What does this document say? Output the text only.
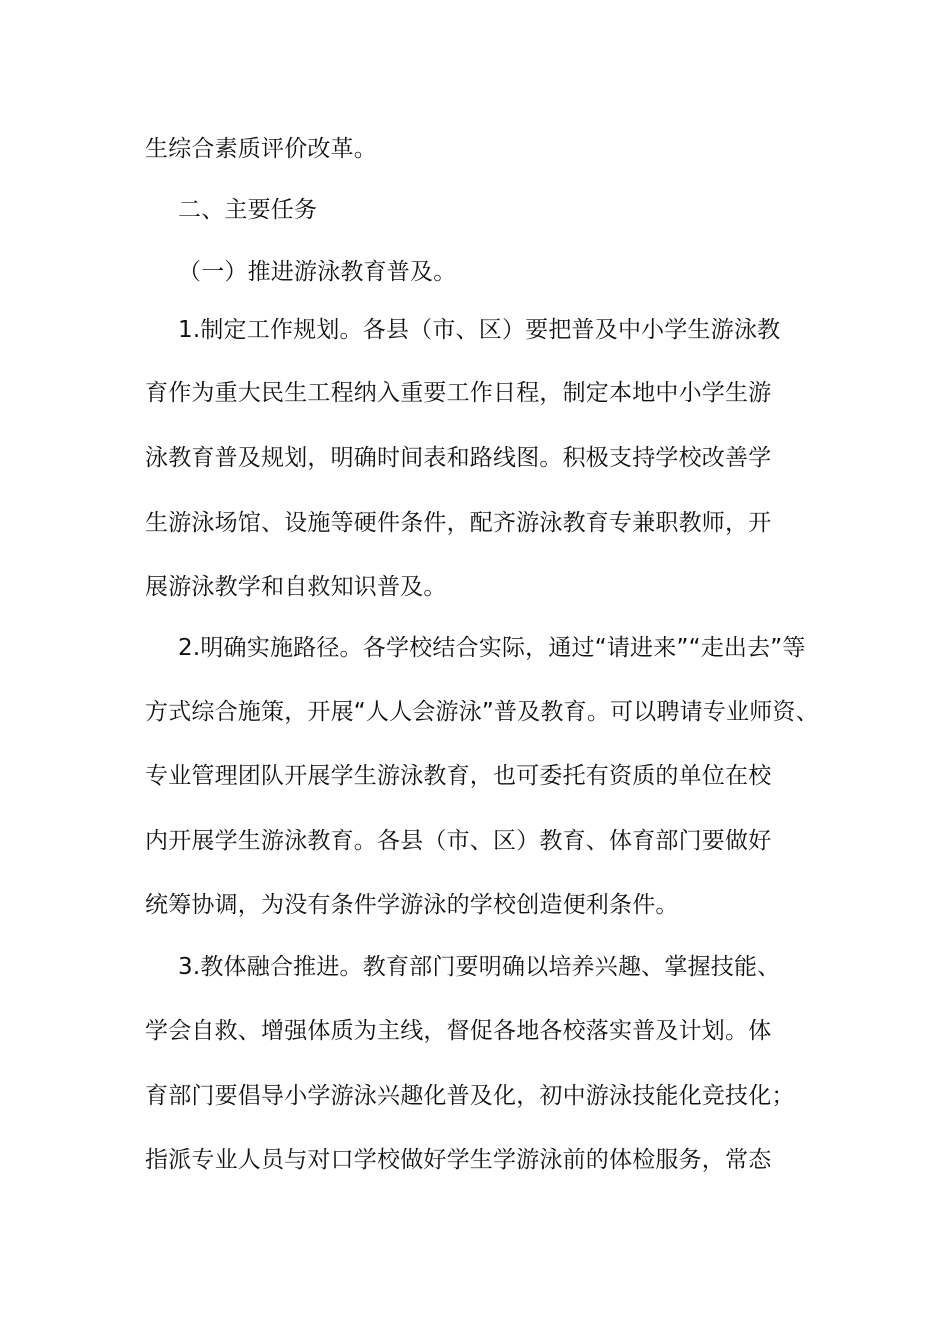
生综合素质评价改革。
二、主要任务
（一）推进游泳教育普及。
1.制定工作规划。各县（市、区）要把普及中小学生游泳教
育作为重大民生工程纳入重要工作日程，制定本地中小学生游
泳教育普及规划，明确时间表和路线图。积极支持学校改善学
生游泳场馆、设施等硬件条件，配齐游泳教育专兼职教师，开
展游泳教学和自救知识普及。
2.明确实施路径。各学校结合实际，通过“请进来”“走出去”等
方式综合施策，开展“人人会游泳”普及教育。可以聘请专业师资、
专业管理团队开展学生游泳教育，也可委托有资质的单位在校
内开展学生游泳教育。各县（市、区）教育、体育部门要做好
统筹协调，为没有条件学游泳的学校创造便利条件。
3.教体融合推进。教育部门要明确以培养兴趣、掌握技能、
学会自救、增强体质为主线，督促各地各校落实普及计划。体
育部门要倡导小学游泳兴趣化普及化，初中游泳技能化竞技化；
指派专业人员与对口学校做好学生学游泳前的体检服务，常态
